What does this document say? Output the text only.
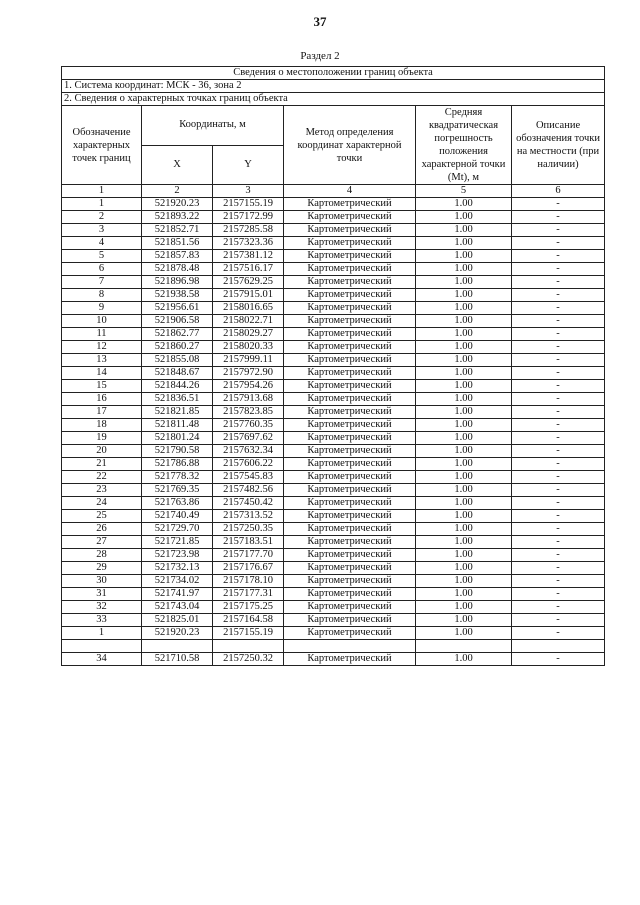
37
Раздел 2
Сведения о местоположении границ объекта					
1. Система координат: МСК - 36, зона 2					
2. Сведения о характерных точках границ объекта					
Обозначение характерных точек границ	Координаты, м		Метод определения координат характерной точки	Средняя квадратическая погрешность положения характерной точки (Mt), м	Описание обозначения точки на местности (при наличии)
	X	Y			
1	2	3	4	5	6
1	521920.23	2157155.19	Картометрический	1.00	-
2	521893.22	2157172.99	Картометрический	1.00	-
3	521852.71	2157285.58	Картометрический	1.00	-
4	521851.56	2157323.36	Картометрический	1.00	-
5	521857.83	2157381.12	Картометрический	1.00	-
6	521878.48	2157516.17	Картометрический	1.00	-
7	521896.98	2157629.25	Картометрический	1.00	-
8	521938.58	2157915.01	Картометрический	1.00	-
9	521956.61	2158016.65	Картометрический	1.00	-
10	521906.58	2158022.71	Картометрический	1.00	-
11	521862.77	2158029.27	Картометрический	1.00	-
12	521860.27	2158020.33	Картометрический	1.00	-
13	521855.08	2157999.11	Картометрический	1.00	-
14	521848.67	2157972.90	Картометрический	1.00	-
15	521844.26	2157954.26	Картометрический	1.00	-
16	521836.51	2157913.68	Картометрический	1.00	-
17	521821.85	2157823.85	Картометрический	1.00	-
18	521811.48	2157760.35	Картометрический	1.00	-
19	521801.24	2157697.62	Картометрический	1.00	-
20	521790.58	2157632.34	Картометрический	1.00	-
21	521786.88	2157606.22	Картометрический	1.00	-
22	521778.32	2157545.83	Картометрический	1.00	-
23	521769.35	2157482.56	Картометрический	1.00	-
24	521763.86	2157450.42	Картометрический	1.00	-
25	521740.49	2157313.52	Картометрический	1.00	-
26	521729.70	2157250.35	Картометрический	1.00	-
27	521721.85	2157183.51	Картометрический	1.00	-
28	521723.98	2157177.70	Картометрический	1.00	-
29	521732.13	2157176.67	Картометрический	1.00	-
30	521734.02	2157178.10	Картометрический	1.00	-
31	521741.97	2157177.31	Картометрический	1.00	-
32	521743.04	2157175.25	Картометрический	1.00	-
33	521825.01	2157164.58	Картометрический	1.00	-
1	521920.23	2157155.19	Картометрический	1.00	-

34	521710.58	2157250.32	Картометрический	1.00	-
